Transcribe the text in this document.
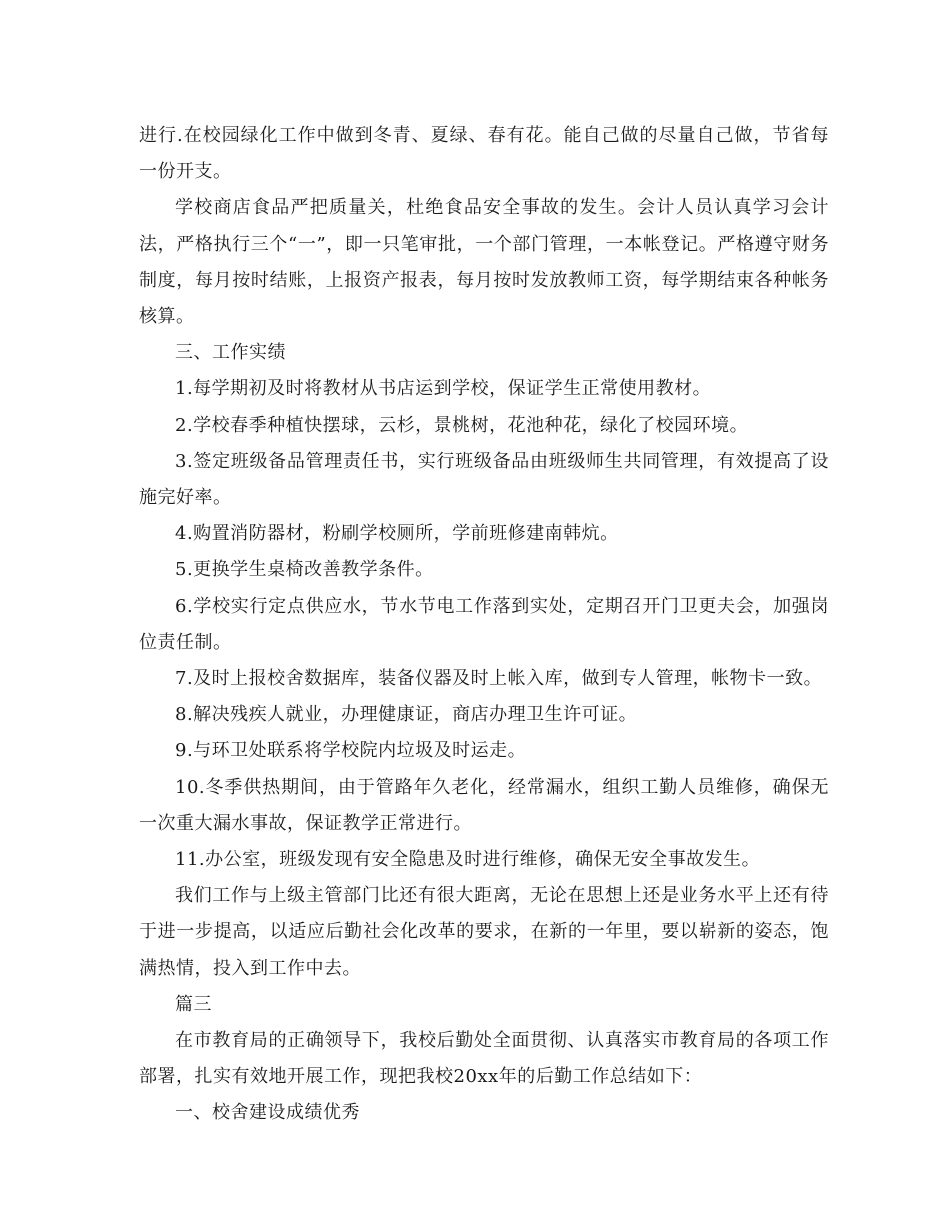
进行.在校园绿化工作中做到冬青、夏绿、春有花。能自己做的尽量自己做，节省每一份开支。

学校商店食品严把质量关，杜绝食品安全事故的发生。会计人员认真学习会计法，严格执行三个“一”，即一只笔审批，一个部门管理，一本帐登记。严格遵守财务制度，每月按时结账，上报资产报表，每月按时发放教师工资，每学期结束各种帐务核算。

三、工作实绩

1.每学期初及时将教材从书店运到学校，保证学生正常使用教材。

2.学校春季种植快摆球，云杉，景桃树，花池种花，绿化了校园环境。

3.签定班级备品管理责任书，实行班级备品由班级师生共同管理，有效提高了设施完好率。

4.购置消防器材，粉刷学校厕所，学前班修建南韩炕。

5.更换学生桌椅改善教学条件。

6.学校实行定点供应水，节水节电工作落到实处，定期召开门卫更夫会，加强岗位责任制。

7.及时上报校舍数据库，装备仪器及时上帐入库，做到专人管理，帐物卡一致。

8.解决残疾人就业，办理健康证，商店办理卫生许可证。

9.与环卫处联系将学校院内垃圾及时运走。

10.冬季供热期间，由于管路年久老化，经常漏水，组织工勤人员维修，确保无一次重大漏水事故，保证教学正常进行。

11.办公室，班级发现有安全隐患及时进行维修，确保无安全事故发生。

我们工作与上级主管部门比还有很大距离，无论在思想上还是业务水平上还有待于进一步提高，以适应后勤社会化改革的要求，在新的一年里，要以崭新的姿态，饱满热情，投入到工作中去。

篇三

在市教育局的正确领导下，我校后勤处全面贯彻、认真落实市教育局的各项工作部署，扎实有效地开展工作，现把我校20xx年的后勤工作总结如下：

一、校舍建设成绩优秀
